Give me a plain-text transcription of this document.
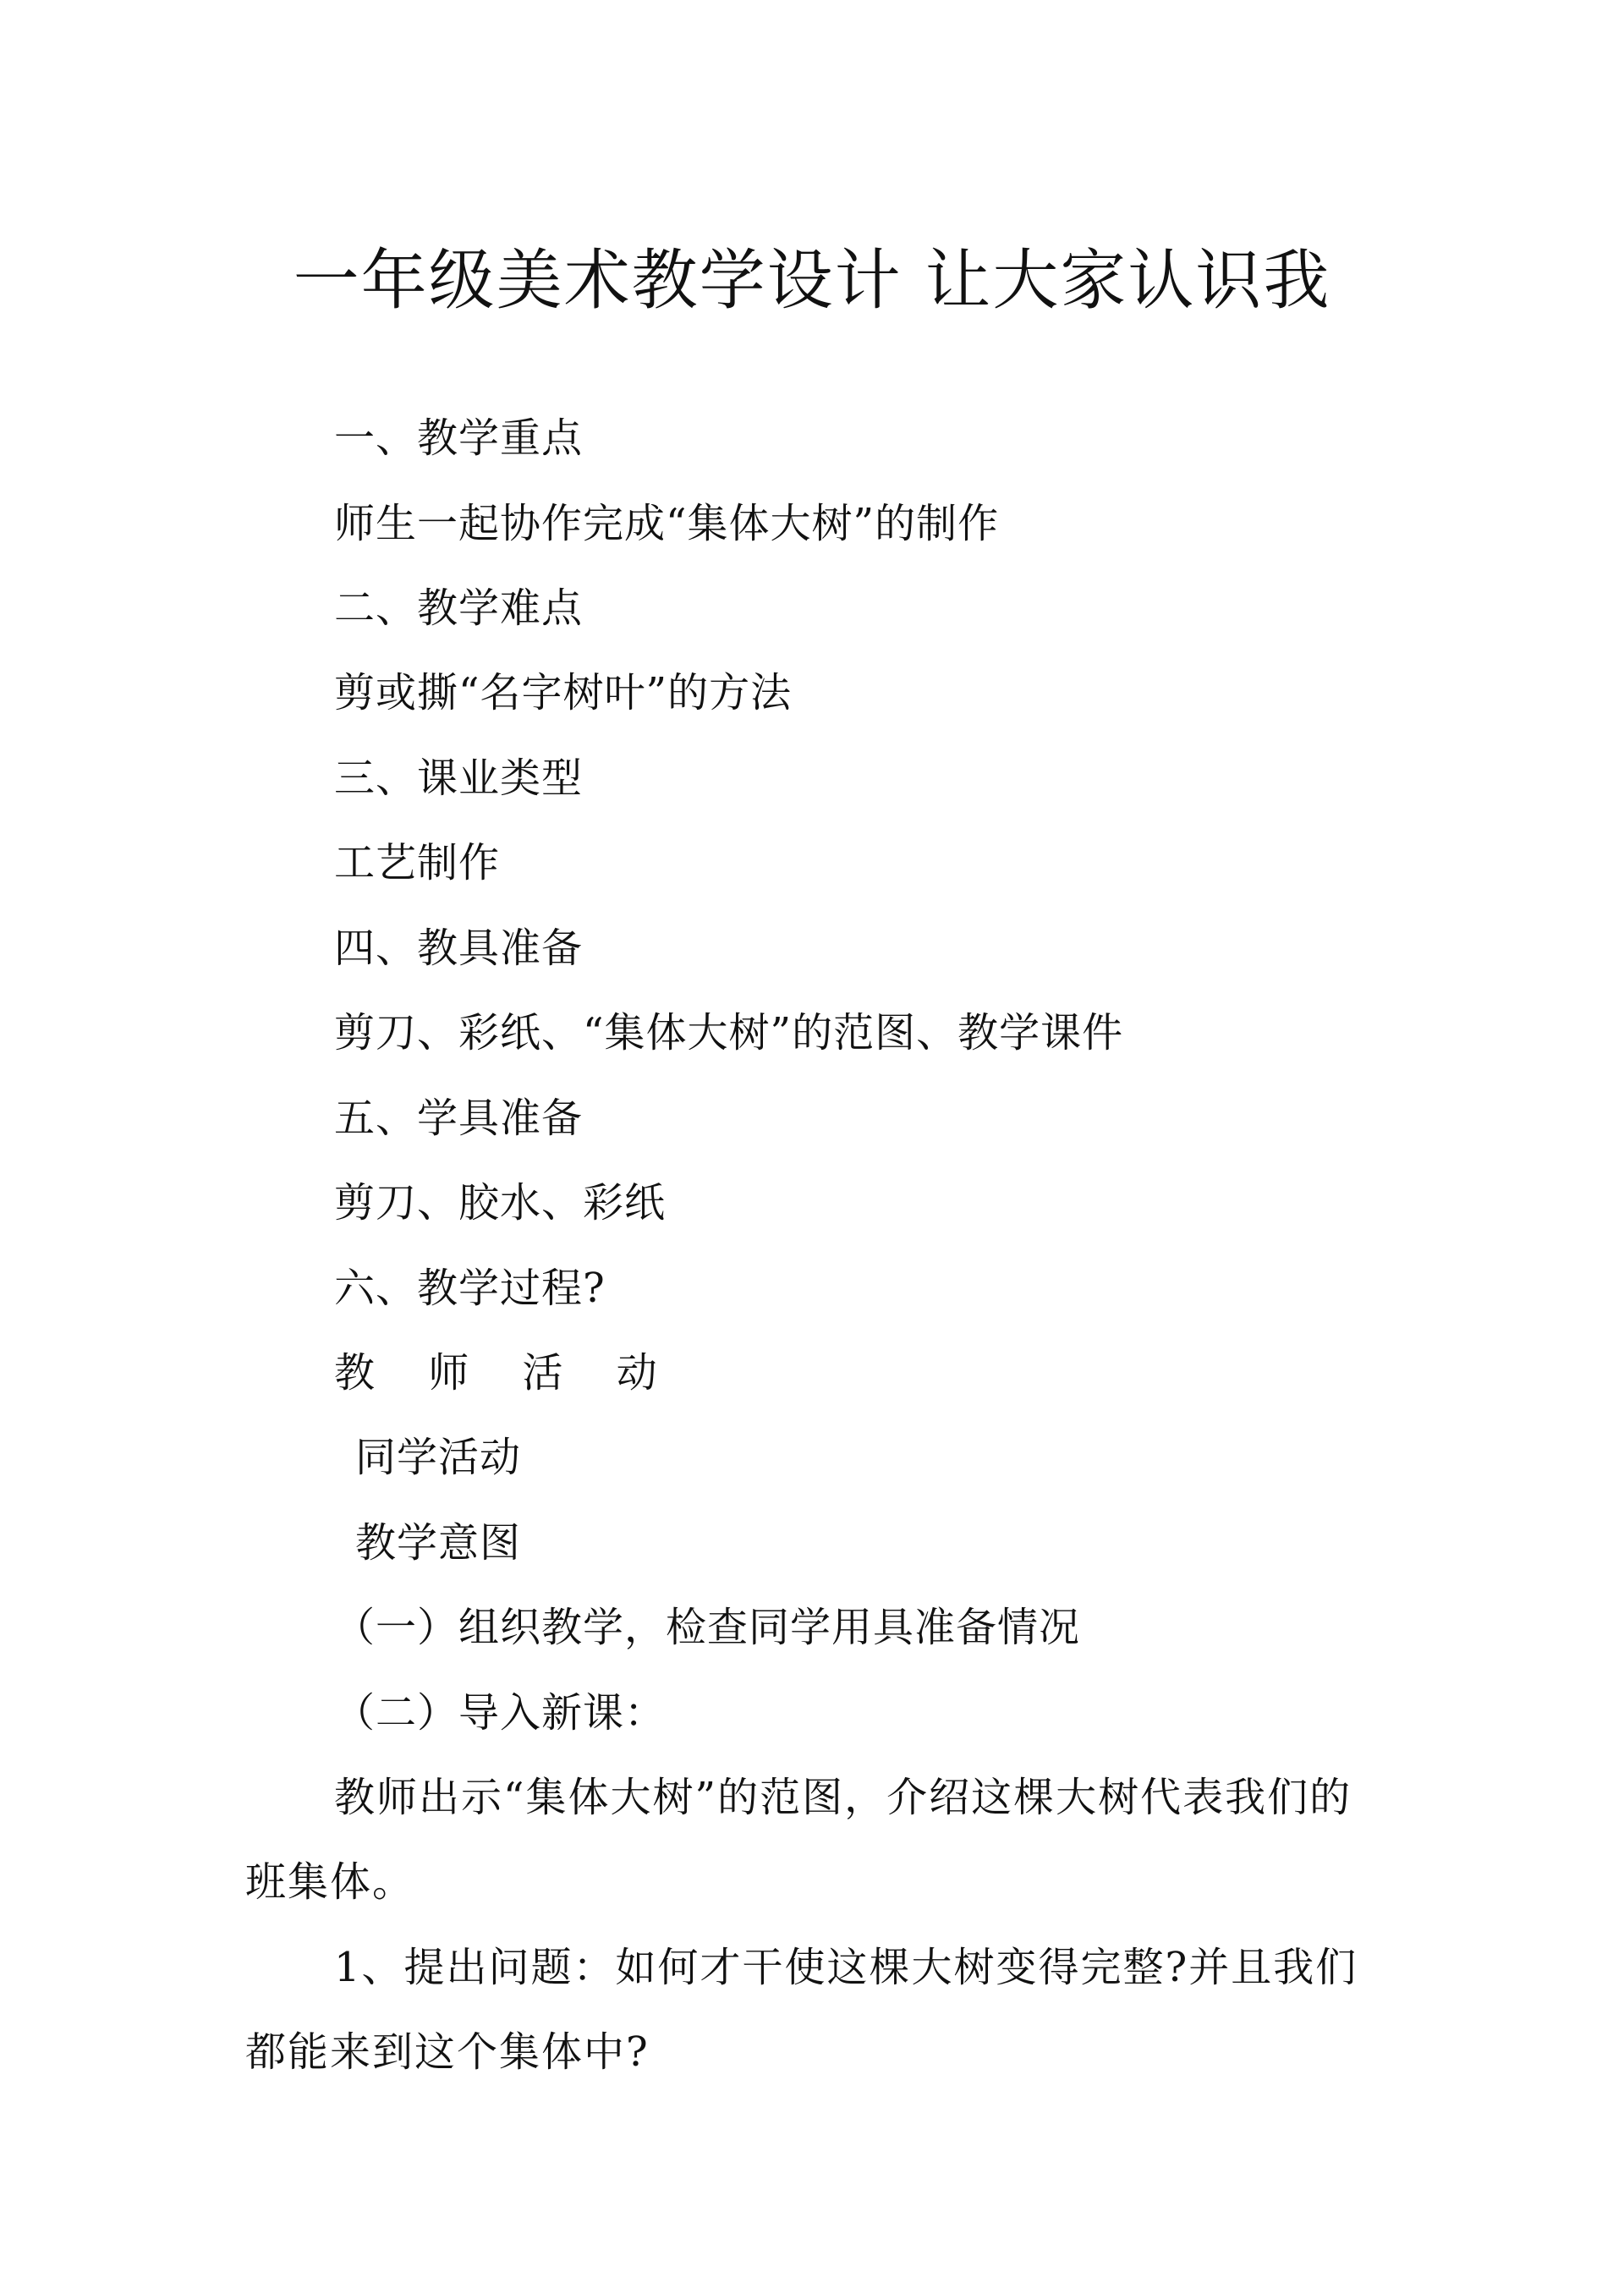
一年级美术教学设计 让大家认识我
一、教学重点
师生一起协作完成“集体大树”的制作
二、教学难点
剪或撕“名字树叶”的方法
三、课业类型
工艺制作
四、教具准备
剪刀、彩纸、“集体大树”的范图、教学课件
五、学具准备
剪刀、胶水、彩纸
六、教学过程?
教 师 活 动
同学活动
教学意图
（一）组织教学，检查同学用具准备情况
（二）导入新课：

教师出示“集体大树”的范图，介绍这棵大树代表我们的班集体。

1、提出问题：如何才干使这棵大树变得完整?并且我们都能来到这个集体中?
